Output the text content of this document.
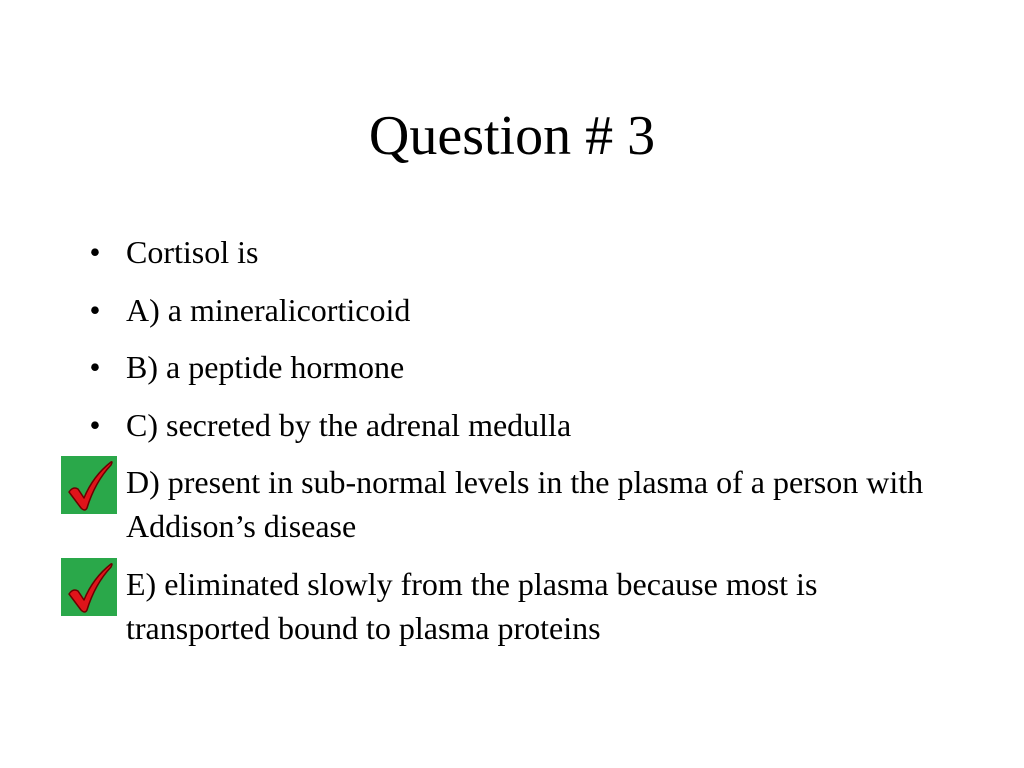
Question # 3
• Cortisol is
• A) a mineralicorticoid
• B) a peptide hormone
• C) secreted by the adrenal medulla
D) present in sub-normal levels in the plasma of a person with Addison’s disease
E) eliminated slowly from the plasma because most is transported bound to plasma proteins
